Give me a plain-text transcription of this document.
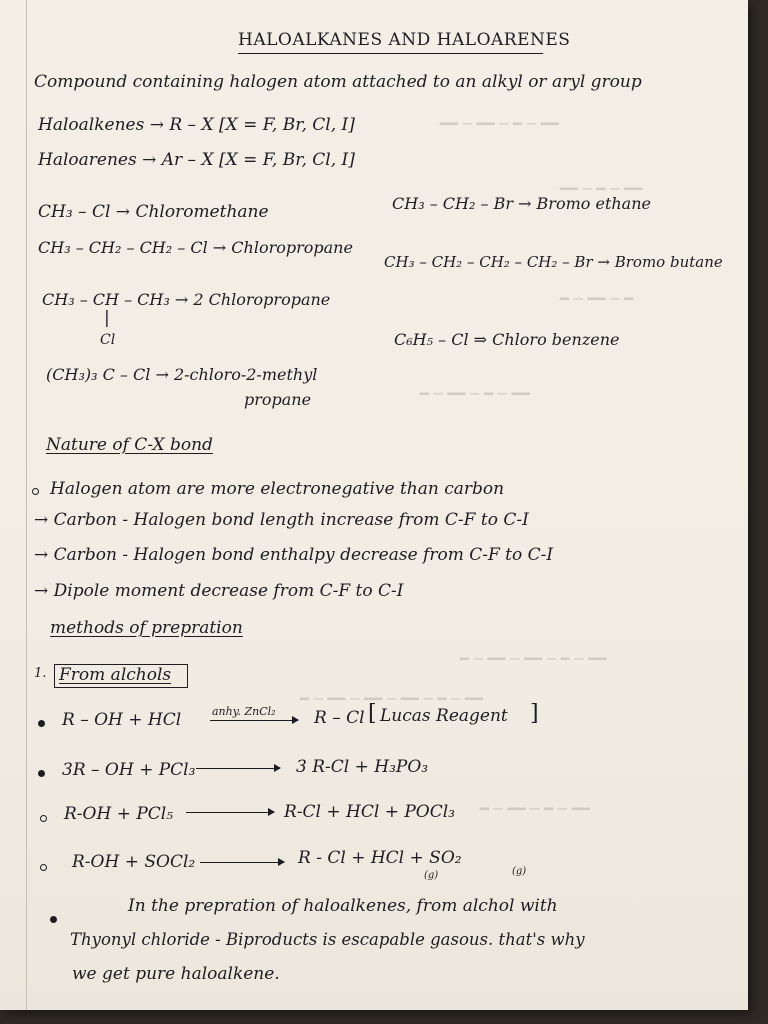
━━ ─ ━ ─ ━━ ─ ━━
━━ ─ ━ ─ ━━
━ ─ ━━ ─ ━
━━ ─ ━ ─ ━━ ─ ━
━━ ─ ━ ─ ━━ ─ ━━ ─ ━
━━ ─ ━ ─ ━━ ─ ━━ ─ ━━ ─ ━
━━ ─ ━ ─ ━━ ─ ━
HALOALKANES AND HALOARENES
Compound containing halogen atom attached to an alkyl or aryl group
Haloalkenes → R – X [X = F, Br, Cl, I]
Haloarenes → Ar – X [X = F, Br, Cl, I]
CH₃ – Cl → Chloromethane
CH₃ – CH₂ – CH₂ – Cl → Chloropropane
CH₃ – CH – CH₃ → 2 Chloropropane
|
Cl
(CH₃)₃ C – Cl → 2-chloro-2-methyl
propane
CH₃ – CH₂ – Br → Bromo ethane
CH₃ – CH₂ – CH₂ – CH₂ – Br → Bromo butane
C₆H₅ – Cl ⇒ Chloro benzene
Nature of C-X bond
Halogen atom are more electronegative than carbon
→ Carbon - Halogen bond length increase from C-F to C-I
→ Carbon - Halogen bond enthalpy decrease from C-F to C-I
→ Dipole moment decrease from C-F to C-I
methods of prepration
1. From alchols
R – OH + HCl	anhy. ZnCl₂ R – Cl [ Lucas Reagent ]
3R – OH + PCl₃	3 R-Cl + H₃PO₃
R-OH + PCl₅	R-Cl + HCl + POCl₃
R-OH + SOCl₂	R - Cl + HCl + SO₂
(g)	(g)
In the prepration of haloalkenes, from alchol with
Thyonyl chloride - Biproducts is escapable gasous. that's why
we get pure haloalkene.
